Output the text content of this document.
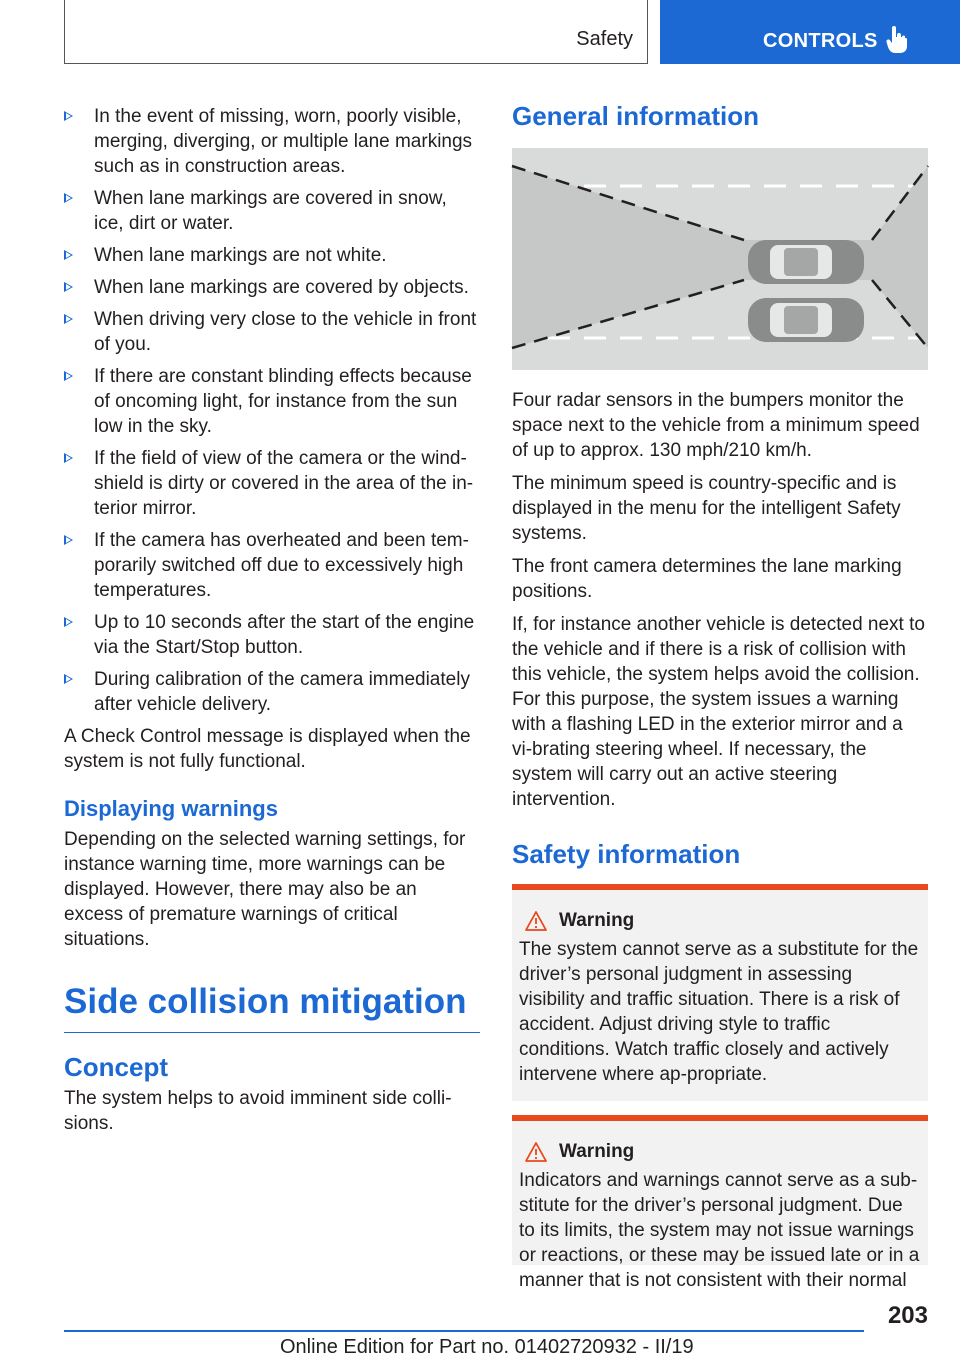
Safety	CONTROLS
In the event of missing, worn, poorly visible, merging, diverging, or multiple lane markings such as in construction areas.
When lane markings are covered in snow, ice, dirt or water.
When lane markings are not white.
When lane markings are covered by objects.
When driving very close to the vehicle in front of you.
If there are constant blinding effects because of oncoming light, for instance from the sun low in the sky.
If the field of view of the camera or the wind-shield is dirty or covered in the area of the in-terior mirror.
If the camera has overheated and been tem-porarily switched off due to excessively high temperatures.
Up to 10 seconds after the start of the engine via the Start/Stop button.
During calibration of the camera immediately after vehicle delivery.

A Check Control message is displayed when the system is not fully functional.

Displaying warnings

Depending on the selected warning settings, for instance warning time, more warnings can be displayed. However, there may also be an excess of premature warnings of critical situations.

Side collision mitigation
Concept

The system helps to avoid imminent side colli-sions.

General information

Four radar sensors in the bumpers monitor the space next to the vehicle from a minimum speed of up to approx. 130 mph/210 km/h.

The minimum speed is country-specific and is displayed in the menu for the intelligent Safety systems.

The front camera determines the lane marking positions.

If, for instance another vehicle is detected next to the vehicle and if there is a risk of collision with this vehicle, the system helps avoid the collision. For this purpose, the system issues a warning with a flashing LED in the exterior mirror and a vi-brating steering wheel. If necessary, the system will carry out an active steering intervention.

Safety information
Warning
The system cannot serve as a substitute for the driver’s personal judgment in assessing visibility and traffic situation. There is a risk of accident. Adjust driving style to traffic conditions. Watch traffic closely and actively intervene where ap-propriate.
Warning
Indicators and warnings cannot serve as a sub-stitute for the driver’s personal judgment. Due to its limits, the system may not issue warnings or reactions, or these may be issued late or in a manner that is not consistent with their normal
203
Online Edition for Part no. 01402720932 - II/19
